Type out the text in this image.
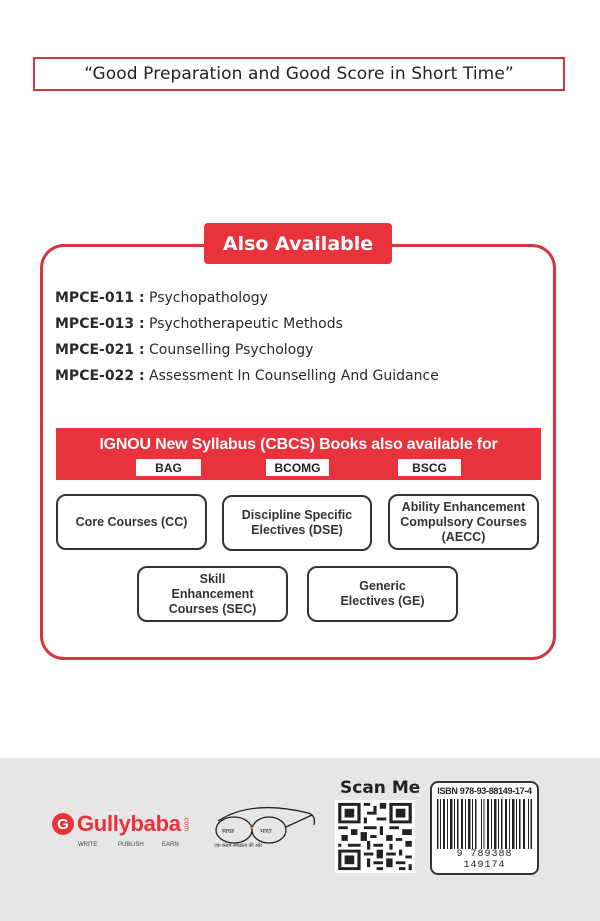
“Good Preparation and Good Score in Short Time”
Also Available
MPCE-011 : Psychopathology
MPCE-013 : Psychotherapeutic Methods
MPCE-021 : Counselling Psychology
MPCE-022 : Assessment In Counselling And Guidance
IGNOU New Syllabus (CBCS) Books also available for
BAG	BCOMG	BSCG
Core Courses (CC)	Discipline Specific Electives (DSE)
Ability Enhancement Compulsory Courses (AECC)
Skill Enhancement Courses (SEC)
Generic Electives (GE)
G Gullybaba .com
WRITE	PUBLISH	EARN
स्वच्छ	भारत
एक कदम स्वच्छता की ओर
Scan Me	ISBN 978-93-88149-17-4
9 789388 149174
